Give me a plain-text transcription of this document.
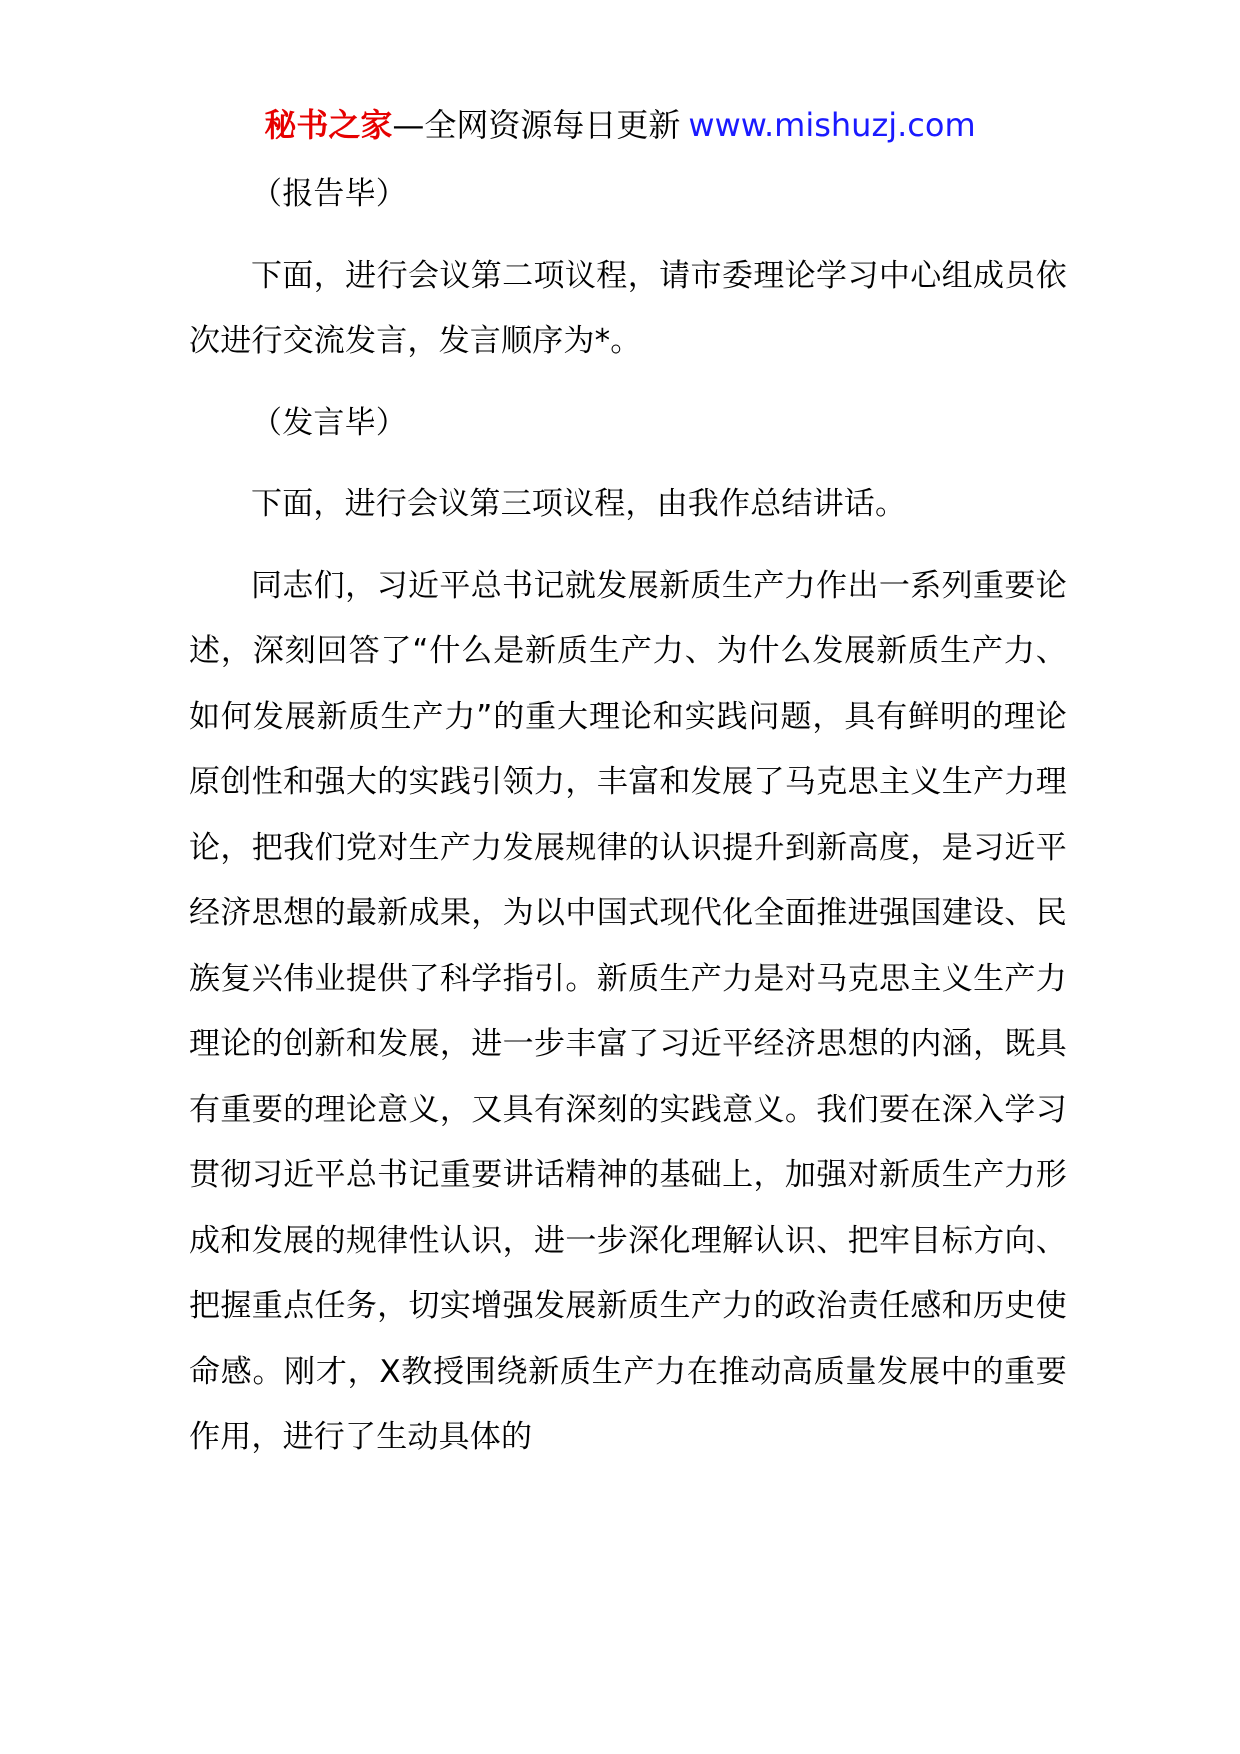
秘书之家—全网资源每日更新 www.mishuzj.com

（报告毕）

下面，进行会议第二项议程，请市委理论学习中心组成员依次进行交流发言，发言顺序为*。

（发言毕）

下面，进行会议第三项议程，由我作总结讲话。

同志们，习近平总书记就发展新质生产力作出一系列重要论述，深刻回答了“什么是新质生产力、为什么发展新质生产力、如何发展新质生产力”的重大理论和实践问题，具有鲜明的理论原创性和强大的实践引领力，丰富和发展了马克思主义生产力理论，把我们党对生产力发展规律的认识提升到新高度，是习近平经济思想的最新成果，为以中国式现代化全面推进强国建设、民族复兴伟业提供了科学指引。新质生产力是对马克思主义生产力理论的创新和发展，进一步丰富了习近平经济思想的内涵，既具有重要的理论意义，又具有深刻的实践意义。我们要在深入学习贯彻习近平总书记重要讲话精神的基础上，加强对新质生产力形成和发展的规律性认识，进一步深化理解认识、把牢目标方向、把握重点任务，切实增强发展新质生产力的政治责任感和历史使命感。刚才，X教授围绕新质生产力在推动高质量发展中的重要作用，进行了生动具体的
